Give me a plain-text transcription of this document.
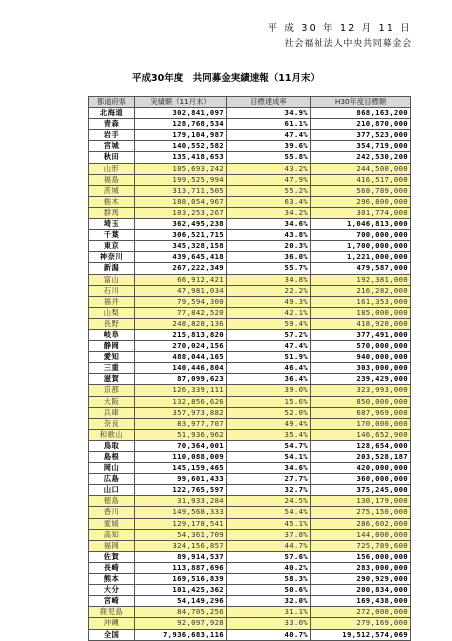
平 成 30 年 12 月 11 日
社会福祉法人中央共同募金会
平成30年度　共同募金実績速報（11月末）
都道府県	実績額（11月末）	目標達成率	H30年度目標額
北海道	302,841,097	34.9%	868,163,200
青森	128,768,534	61.1%	210,870,000
岩手	179,104,987	47.4%	377,523,000
宮城	140,552,582	39.6%	354,719,000
秋田	135,418,653	55.8%	242,530,200
山形	105,693,242	43.2%	244,500,000
福島	199,525,994	47.9%	416,517,000
茨城	313,711,505	55.2%	568,789,000
栃木	188,054,967	63.4%	296,800,000
群馬	103,253,267	34.2%	301,774,000
埼玉	362,495,238	34.6%	1,046,813,000
千葉	306,521,715	43.8%	700,000,000
東京	345,328,158	20.3%	1,700,000,000
神奈川	439,645,418	36.0%	1,221,000,000
新潟	267,222,349	55.7%	479,587,000
富山	66,912,421	34.8%	192,381,000
石川	47,981,034	22.2%	216,282,000
福井	79,594,300	49.3%	161,353,000
山梨	77,842,520	42.1%	185,000,000
長野	248,828,136	59.4%	418,920,000
岐阜	215,813,820	57.2%	377,491,000
静岡	270,024,156	47.4%	570,000,000
愛知	488,044,165	51.9%	940,000,000
三重	140,446,804	46.4%	303,000,000
滋賀	87,099,623	36.4%	239,429,000
京都	126,339,111	39.0%	323,993,000
大阪	132,856,626	15.6%	850,000,000
兵庫	357,973,882	52.0%	687,969,000
奈良	83,977,707	49.4%	170,000,000
和歌山	51,936,962	35.4%	146,652,900
鳥取	70,364,001	54.7%	128,654,000
島根	110,088,009	54.1%	203,528,187
岡山	145,159,465	34.6%	420,000,000
広島	99,601,433	27.7%	360,000,000
山口	122,765,597	32.7%	375,245,000
徳島	31,933,284	24.5%	130,179,000
香川	149,568,333	54.4%	275,150,000
愛媛	129,178,541	45.1%	286,602,000
高知	54,361,709	37.8%	144,000,000
福岡	324,156,857	44.7%	725,789,600
佐賀	89,914,537	57.6%	156,000,000
長崎	113,887,696	40.2%	283,000,000
熊本	169,516,839	58.3%	290,929,000
大分	101,425,362	50.6%	200,834,000
宮崎	54,149,296	32.0%	169,438,000
鹿児島	84,705,256	31.1%	272,000,000
沖縄	92,097,928	33.0%	279,169,000
全国	7,936,683,116	40.7%	19,512,574,069
